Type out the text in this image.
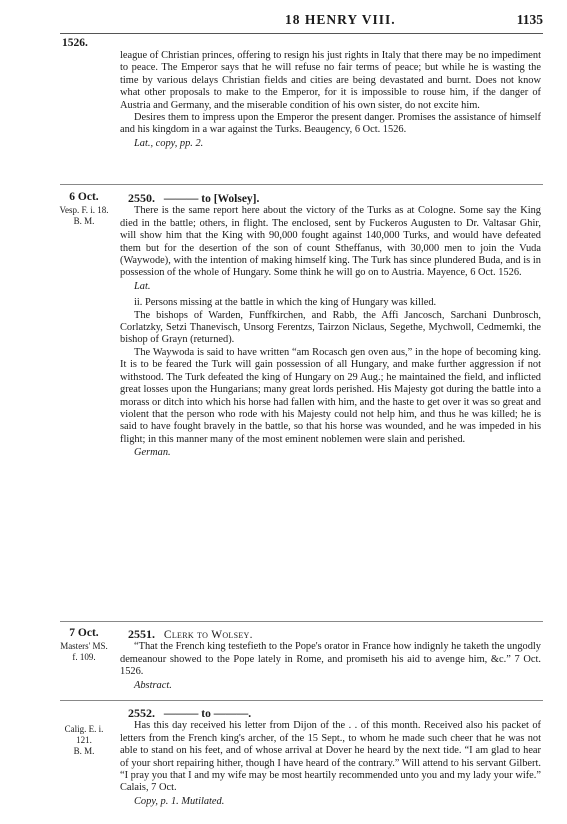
18 HENRY VIII.	1135
1526.

league of Christian princes, offering to resign his just rights in Italy that there may be no impediment to peace. The Emperor says that he will refuse no fair terms of peace; but while he is wasting the time by various delays Christian fields and cities are being devastated and burnt. Does not know what other proposals to make to the Emperor, for it is impossible to rouse him, if the danger of Austria and Germany, and the miserable condition of his own sister, do not excite him.

Desires them to impress upon the Emperor the present danger. Promises the assistance of himself and his kingdom in a war against the Turks. Beaugency, 6 Oct. 1526.

Lat., copy, pp. 2.
6 Oct.
Vesp. F. i. 18.
B. M.
2550. ——— to [Wolsey].

There is the same report here about the victory of the Turks as at Cologne. Some say the King died in the battle; others, in flight. The enclosed, sent by Fuckeros Augusten to Dr. Valtasar Ghir, will show him that the King with 90,000 fought against 140,000 Turks, and would have defeated them but for the desertion of the son of count Stheffanus, with 30,000 men to join the Vuda (Waywode), with the intention of making himself king. The Turk has since plundered Buda, and is in possession of the whole of Hungary. Some think he will go on to Austria. Mayence, 6 Oct. 1526.

Lat.

ii. Persons missing at the battle in which the king of Hungary was killed.

The bishops of Warden, Funffkirchen, and Rabb, the Affi Jancosch, Sarchani Dunbrosch, Corlatzky, Setzi Thanevisch, Unsorg Ferentzs, Tairzon Niclaus, Segethe, Mychwoll, Cedmemki, the bishop of Grayn (returned).

The Waywoda is said to have written “am Rocasch gen oven aus,” in the hope of becoming king. It is to be feared the Turk will gain possession of all Hungary, and make further aggression if not withstood. The Turk defeated the king of Hungary on 29 Aug.; he maintained the field, and inflicted great losses upon the Hungarians; many great lords perished. His Majesty got during the battle into a morass or ditch into which his horse had fallen with him, and the haste to get over it was so great and violent that the person who rode with his Majesty could not help him, and thus he was killed; he is said to have fought bravely in the battle, so that his horse was wounded, and he was impeded in his flight; in this manner many of the most eminent noblemen were slain and perished.

German.
7 Oct.
Masters' MS.
f. 109.
2551. Clerk to Wolsey.

“That the French king testefieth to the Pope's orator in France how indignly he taketh the ungodly demeanour showed to the Pope lately in Rome, and promiseth his aid to avenge him, &c.” 7 Oct. 1526.

Abstract.
Calig. E. i.
121.
B. M.
2552. ——— to ———.

Has this day received his letter from Dijon of the . . of this month. Received also his packet of letters from the French king's archer, of the 15 Sept., to whom he made such cheer that he was not able to stand on his feet, and of whose arrival at Dover he heard by the next tide. “I am glad to hear of your short repairing hither, though I have heard of the contrary.” Will attend to his servant Gilbert. “I pray you that I and my wife may be most heartily recommended unto you and my lady your wife.” Calais, 7 Oct.

Copy, p. 1. Mutilated.
